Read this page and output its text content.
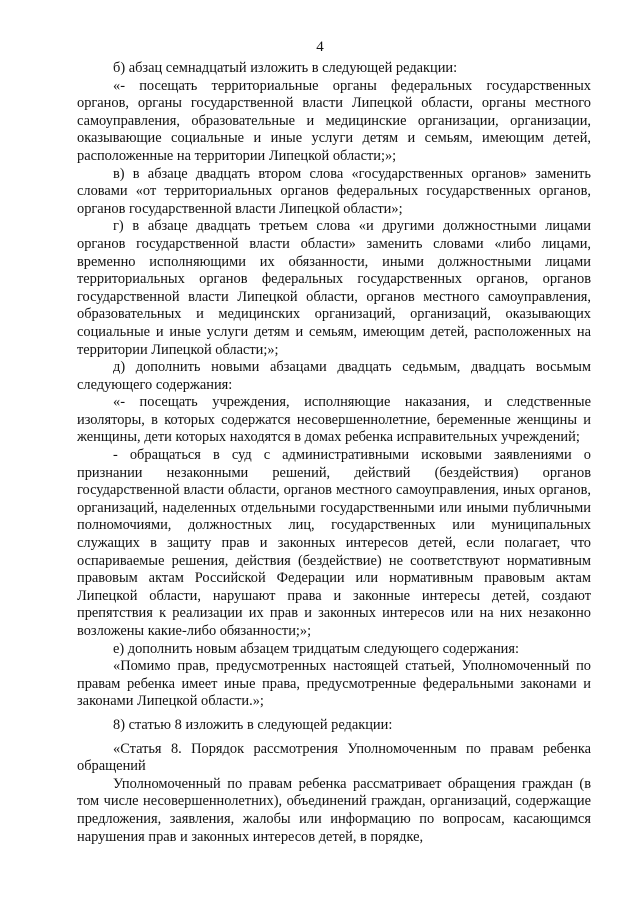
4

б) абзац семнадцатый изложить в следующей редакции:

«- посещать территориальные органы федеральных государственных органов, органы государственной власти Липецкой области, органы местного самоуправления, образовательные и медицинские организации, организации, оказывающие социальные и иные услуги детям и семьям, имеющим детей, расположенные на территории Липецкой области;»;

в) в абзаце двадцать втором слова «государственных органов» заменить словами «от территориальных органов федеральных государственных органов, органов государственной власти Липецкой области»;

г) в абзаце двадцать третьем слова «и другими должностными лицами органов государственной власти области» заменить словами «либо лицами, временно исполняющими их обязанности, иными должностными лицами территориальных органов федеральных государственных органов, органов государственной власти Липецкой области, органов местного самоуправления, образовательных и медицинских организаций, организаций, оказывающих социальные и иные услуги детям и семьям, имеющим детей, расположенных на территории Липецкой области;»;

д) дополнить новыми абзацами двадцать седьмым, двадцать восьмым следующего содержания:

«- посещать учреждения, исполняющие наказания, и следственные изоляторы, в которых содержатся несовершеннолетние, беременные женщины и женщины, дети которых находятся в домах ребенка исправительных учреждений;

- обращаться в суд с административными исковыми заявлениями о признании незаконными решений, действий (бездействия) органов государственной власти области, органов местного самоуправления, иных органов, организаций, наделенных отдельными государственными или иными публичными полномочиями, должностных лиц, государственных или муниципальных служащих в защиту прав и законных интересов детей, если полагает, что оспариваемые решения, действия (бездействие) не соответствуют нормативным правовым актам Российской Федерации или нормативным правовым актам Липецкой области, нарушают права и законные интересы детей, создают препятствия к реализации их прав и законных интересов или на них незаконно возложены какие-либо обязанности;»;

е) дополнить новым абзацем тридцатым следующего содержания:

«Помимо прав, предусмотренных настоящей статьей, Уполномоченный по правам ребенка имеет иные права, предусмотренные федеральными законами и законами Липецкой области.»;

8) статью 8 изложить в следующей редакции:

«Статья 8. Порядок рассмотрения Уполномоченным по правам ребенка обращений

Уполномоченный по правам ребенка рассматривает обращения граждан (в том числе несовершеннолетних), объединений граждан, организаций, содержащие предложения, заявления, жалобы или информацию по вопросам, касающимся нарушения прав и законных интересов детей, в порядке,
